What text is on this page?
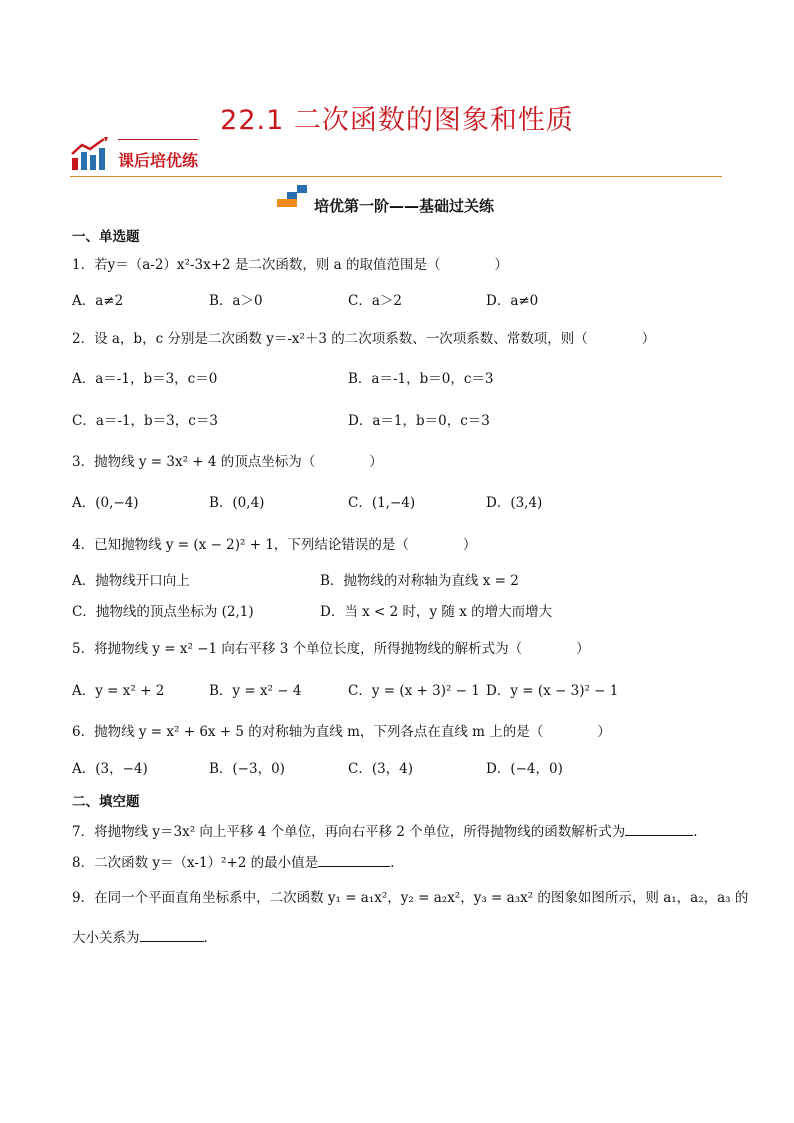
22.1 二次函数的图象和性质
课后培优练
培优第一阶——基础过关练
一、单选题
1．若y＝（a-2）x²-3x+2 是二次函数，则 a 的取值范围是（　　　　）
A．a≠2	B．a＞0	C．a＞2	D．a≠0
2．设 a，b，c 分别是二次函数 y＝-x²＋3 的二次项系数、一次项系数、常数项，则（　　　　）
A．a＝-1，b＝3，c＝0	B．a＝-1，b＝0，c＝3
C．a＝-1，b＝3，c＝3	D．a＝1，b＝0，c＝3
3．抛物线 y = 3x² + 4 的顶点坐标为（　　　　）
A．(0,−4)	B．(0,4)	C．(1,−4)	D．(3,4)
4．已知抛物线 y = (x − 2)² + 1，下列结论错误的是（　　　　）
A．抛物线开口向上	B．抛物线的对称轴为直线 x = 2
C．抛物线的顶点坐标为 (2,1)	D．当 x < 2 时，y 随 x 的增大而增大
5．将抛物线 y = x² −1 向右平移 3 个单位长度，所得抛物线的解析式为（　　　　）
A．y = x² + 2	B．y = x² − 4	C．y = (x + 3)² − 1 D．y = (x − 3)² − 1
6．抛物线 y = x² + 6x + 5 的对称轴为直线 m，下列各点在直线 m 上的是（　　　　）
A．(3，−4)	B．(−3，0)	C．(3，4)	D．(−4，0)
二、填空题
7．将抛物线 y＝3x² 向上平移 4 个单位，再向右平移 2 个单位，所得抛物线的函数解析式为	.
8．二次函数 y＝（x-1）²+2 的最小值是	.
9．在同一个平面直角坐标系中，二次函数 y₁ = a₁x²，y₂ = a₂x²，y₃ = a₃x² 的图象如图所示，则 a₁，a₂，a₃ 的
大小关系为	.
